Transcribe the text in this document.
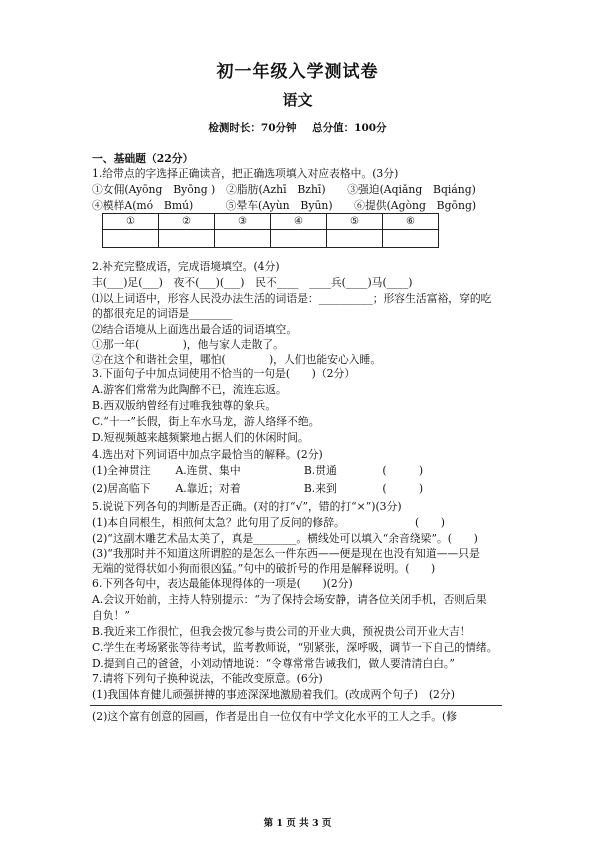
初一年级入学测试卷
语文
检测时长：70分钟 总分值：100分
一、基础题（22分）
1.给带点的字选择正确读音，把正确选项填入对应表格中。(3分)
①女佣(Ayōng　Byōng )　②脂肪(Azhī　Bzhī)　　③强迫(Aqiǎng　Bqiáng)
④模样A(mó　Bmú)　　　⑤晕车(Ayùn　Byūn)　　⑥提供(Agòng　Bgōng)
①	②	③	④	⑤	⑥

2.补充完整成语，完成语境填空。(4分)
丰(___)足(___)　夜不(___)(___)　民不____　____兵(____)马(____)
⑴以上词语中，形容人民没办法生活的词语是：__________；形容生活富裕，穿的吃
的都很充足的词语是________
⑵结合语境从上面选出最合适的词语填空。
①那一年(　　　　)，他与家人走散了。
②在这个和谐社会里，哪怕(　　　　)，人们也能安心入睡。
3.下面句子中加点词使用不恰当的一句是(　　)（2分）
A.游客们常常为此陶醉不已，流连忘返。
B.西双版纳曾经有过唯我独尊的象兵。
C.“十一”长假，街上车水马龙，游人络绎不绝。
D.短视频越来越频繁地占据人们的休闲时间。
4.选出对下列词语中加点字最恰当的解释。(2分)
(1)全神贯注 A.连贯、集中	B.贯通	(　　　)
(2)居高临下 A.靠近；对着	B.来到	(　　　)
5.说说下列各句的判断是否正确。(对的打“√”，错的打“×”)(3分)
(1)本自同根生，相煎何太急？此句用了反问的修辞。　　　　　　　(　　)
(2)“这副木雕艺术品太美了，真是________。横线处可以填入“余音绕梁”。(　　)
(3)“我那时并不知道这所谓腔的是怎么一件东西——便是现在也没有知道——只是
无端的觉得状如小狗而很凶猛。”句中的破折号的作用是解释说明。(　　)
6.下列各句中，表达最能体现得体的一项是(　　)(2分)
A.会议开始前，主持人特别提示：“为了保持会场安静，请各位关闭手机，否则后果
自负！”
B.我近来工作很忙，但我会拨冗参与贵公司的开业大典，预祝贵公司开业大吉！
C.学生在考场紧张等待考试，监考教师说，“别紧张，深呼吸，调节一下自己的情绪。
D.提到自己的爸爸，小刘动情地说：“令尊常常告诫我们，做人要清清白白。”
7.请将下列句子换种说法，不能改变原意。(6分)
(1)我国体育健儿顽强拼搏的事迹深深地激励着我们。(改成两个句子)　(2分)
(2)这个富有创意的园画，作者是出自一位仅有中学文化水平的工人之手。(修
第 1 页 共 3 页
